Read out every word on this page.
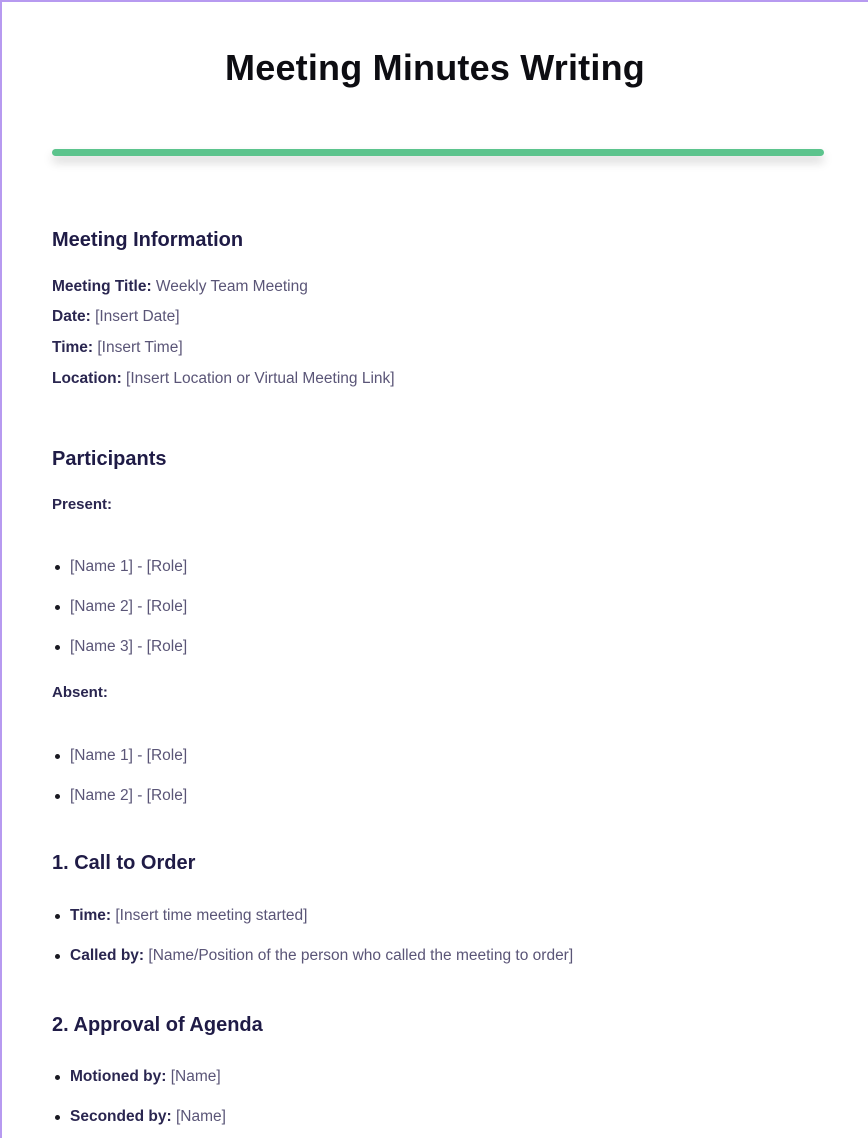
Meeting Minutes Writing
Meeting Information
Meeting Title: Weekly Team Meeting
Date: [Insert Date]
Time: [Insert Time]
Location: [Insert Location or Virtual Meeting Link]
Participants
Present:
[Name 1] - [Role]
[Name 2] - [Role]
[Name 3] - [Role]
Absent:
[Name 1] - [Role]
[Name 2] - [Role]
1. Call to Order
Time: [Insert time meeting started]
Called by: [Name/Position of the person who called the meeting to order]
2. Approval of Agenda
Motioned by: [Name]
Seconded by: [Name]
